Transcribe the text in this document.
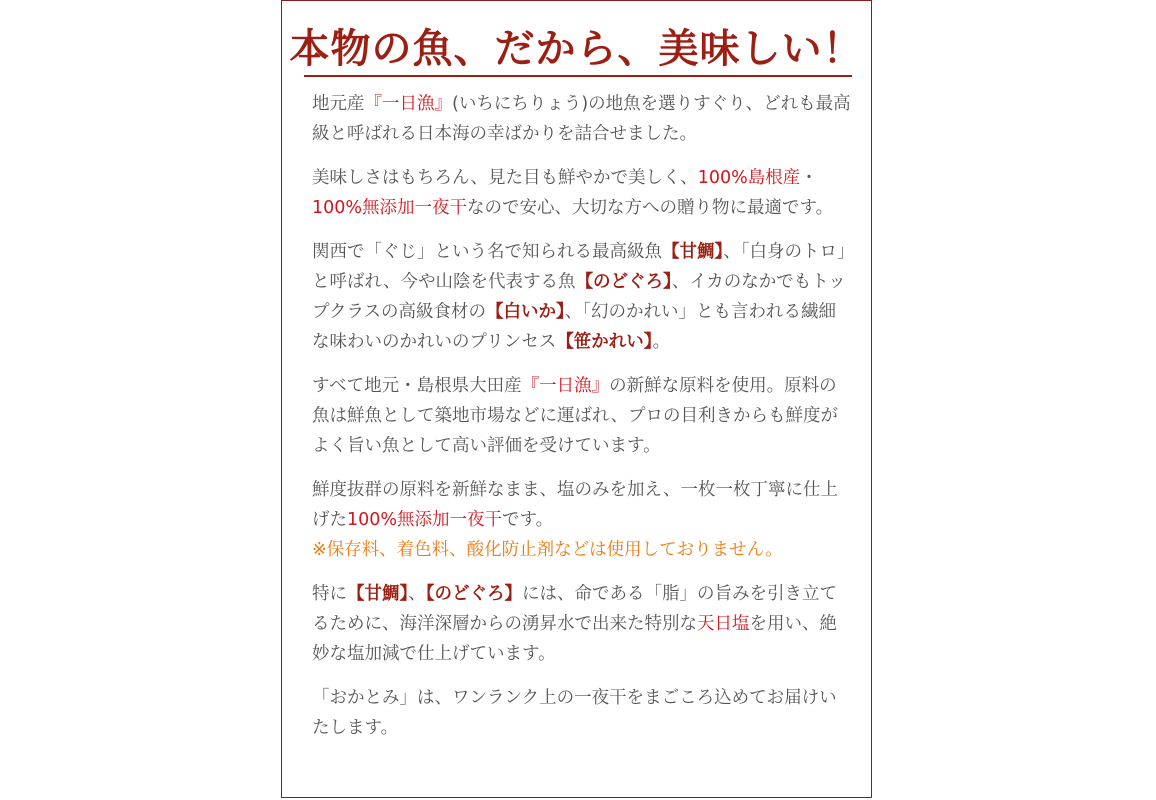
本物の魚、だから、美味しい！

地元産『一日漁』(いちにちりょう)の地魚を選りすぐり、どれも最高級と呼ばれる日本海の幸ばかりを詰合せました。

美味しさはもちろん、見た目も鮮やかで美しく、100%島根産・100%無添加一夜干なので安心、大切な方への贈り物に最適です。

関西で「ぐじ」という名で知られる最高級魚【甘鯛】、「白身のトロ」と呼ばれ、今や山陰を代表する魚【のどぐろ】、イカのなかでもトップクラスの高級食材の【白いか】、「幻のかれい」とも言われる繊細な味わいのかれいのプリンセス【笹かれい】。

すべて地元・島根県大田産『一日漁』の新鮮な原料を使用。原料の魚は鮮魚として築地市場などに運ばれ、プロの目利きからも鮮度がよく旨い魚として高い評価を受けています。

鮮度抜群の原料を新鮮なまま、塩のみを加え、一枚一枚丁寧に仕上げた100%無添加一夜干です。
※保存料、着色料、酸化防止剤などは使用しておりません。

特に【甘鯛】、【のどぐろ】には、命である「脂」の旨みを引き立てるために、海洋深層からの湧昇水で出来た特別な天日塩を用い、絶妙な塩加減で仕上げています。

「おかとみ」は、ワンランク上の一夜干をまごころ込めてお届けいたします。
